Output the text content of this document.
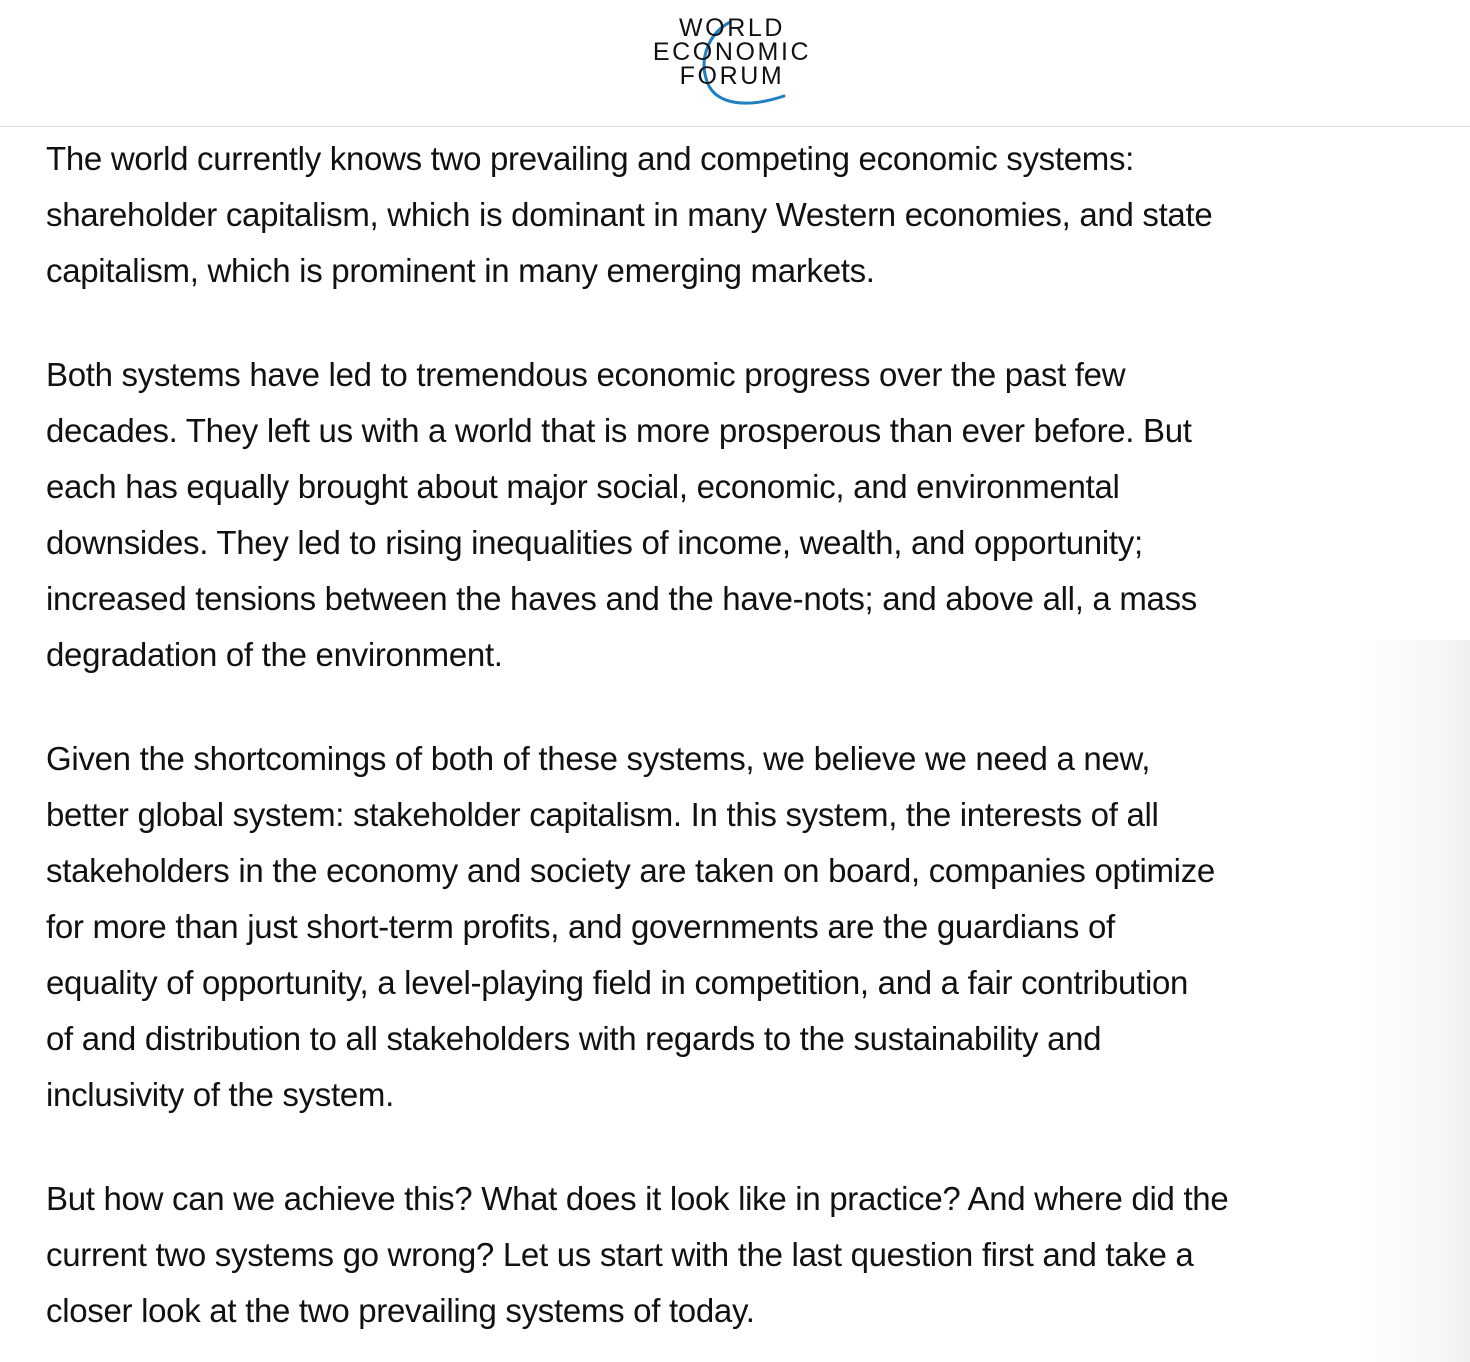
WORLD
ECONOMIC
FORUM

The world currently knows two prevailing and competing economic systems:
shareholder capitalism, which is dominant in many Western economies, and state
capitalism, which is prominent in many emerging markets.

Both systems have led to tremendous economic progress over the past few
decades. They left us with a world that is more prosperous than ever before. But
each has equally brought about major social, economic, and environmental
downsides. They led to rising inequalities of income, wealth, and opportunity;
increased tensions between the haves and the have-nots; and above all, a mass
degradation of the environment.

Given the shortcomings of both of these systems, we believe we need a new,
better global system: stakeholder capitalism. In this system, the interests of all
stakeholders in the economy and society are taken on board, companies optimize
for more than just short-term profits, and governments are the guardians of
equality of opportunity, a level-playing field in competition, and a fair contribution
of and distribution to all stakeholders with regards to the sustainability and
inclusivity of the system.

But how can we achieve this? What does it look like in practice? And where did the
current two systems go wrong? Let us start with the last question first and take a
closer look at the two prevailing systems of today.
